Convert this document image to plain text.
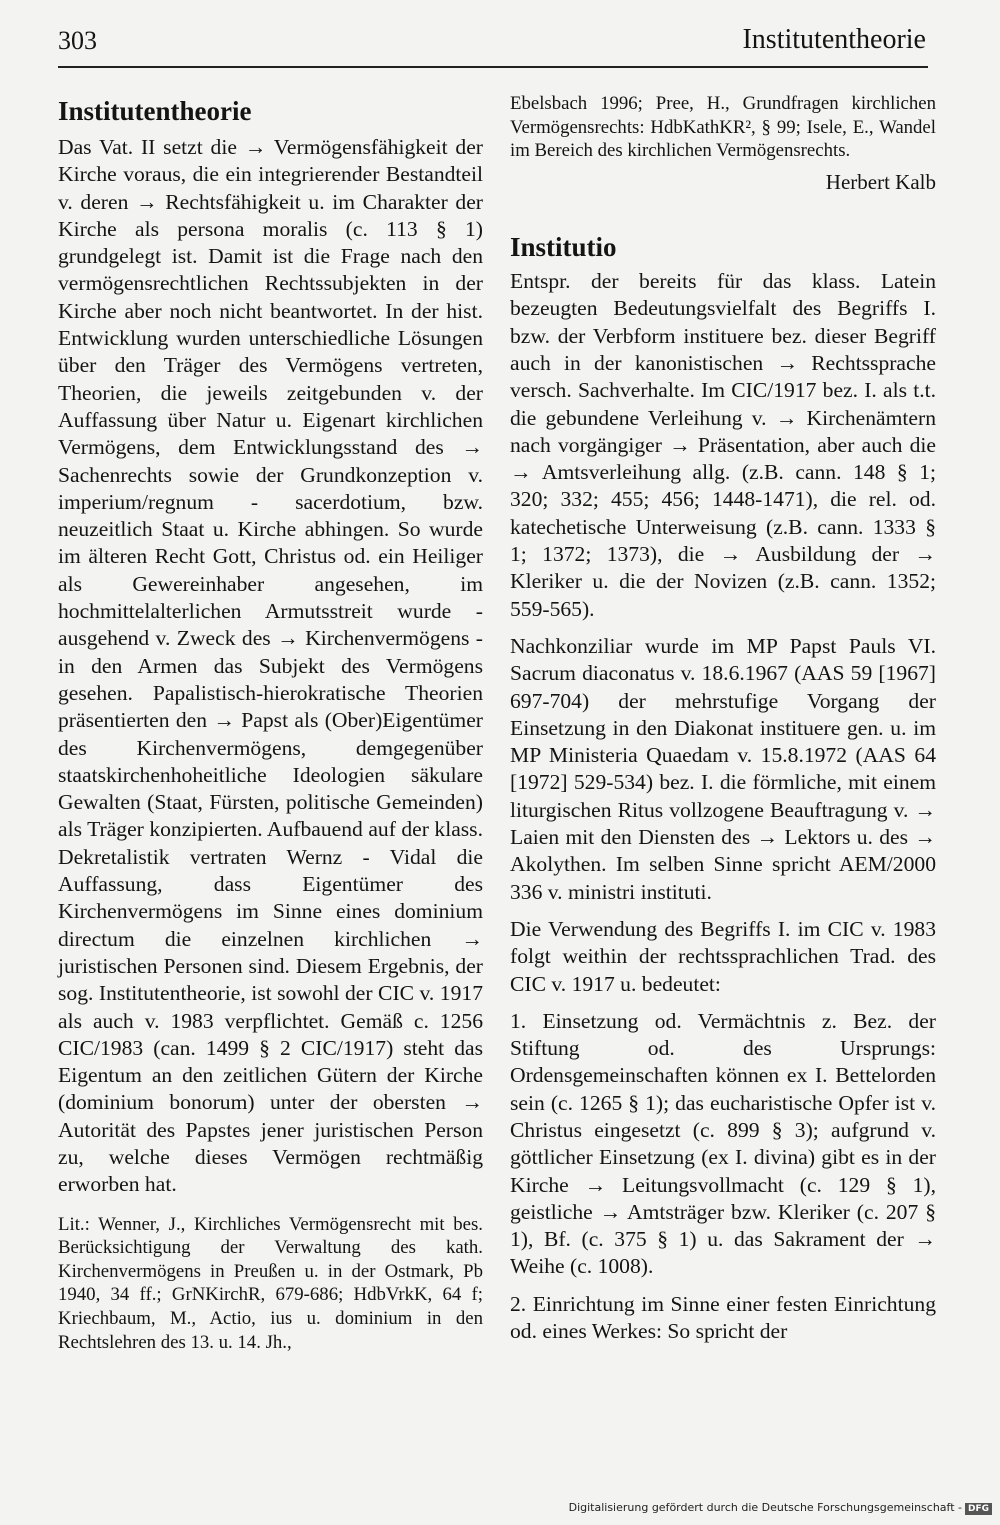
303	Institutentheorie
Institutentheorie

Das Vat. II setzt die → Vermögensfähigkeit der Kirche voraus, die ein integrierender Bestandteil v. deren → Rechtsfähigkeit u. im Charakter der Kirche als persona moralis (c. 113 § 1) grundgelegt ist. Damit ist die Frage nach den vermögensrechtlichen Rechtssubjekten in der Kirche aber noch nicht beantwortet. In der hist. Entwicklung wurden unterschiedliche Lösungen über den Träger des Vermögens vertreten, Theorien, die jeweils zeitgebunden v. der Auffassung über Natur u. Eigenart kirchlichen Vermögens, dem Entwicklungsstand des → Sachenrechts sowie der Grundkonzeption v. imperium/regnum - sacerdotium, bzw. neuzeitlich Staat u. Kirche abhingen. So wurde im älteren Recht Gott, Christus od. ein Heiliger als Gewereinhaber angesehen, im hochmittelalterlichen Armutsstreit wurde - ausgehend v. Zweck des → Kirchenvermögens - in den Armen das Subjekt des Vermögens gesehen. Papalistisch-hierokratische Theorien präsentierten den → Papst als (Ober)Eigentümer des Kirchenvermögens, demgegenüber staatskirchenhoheitliche Ideologien säkulare Gewalten (Staat, Fürsten, politische Gemeinden) als Träger konzipierten. Aufbauend auf der klass. Dekretalistik vertraten Wernz - Vidal die Auffassung, dass Eigentümer des Kirchenvermögens im Sinne eines dominium directum die einzelnen kirchlichen → juristischen Personen sind. Diesem Ergebnis, der sog. Institutentheorie, ist sowohl der CIC v. 1917 als auch v. 1983 verpflichtet. Gemäß c. 1256 CIC/1983 (can. 1499 § 2 CIC/1917) steht das Eigentum an den zeitlichen Gütern der Kirche (dominium bonorum) unter der obersten → Autorität des Papstes jener juristischen Person zu, welche dieses Vermögen rechtmäßig erworben hat.

Lit.: Wenner, J., Kirchliches Vermögensrecht mit bes. Berücksichtigung der Verwaltung des kath. Kirchenvermögens in Preußen u. in der Ostmark, Pb 1940, 34 ff.; GrNKirchR, 679-686; HdbVrkK, 64 f; Kriechbaum, M., Actio, ius u. dominium in den Rechtslehren des 13. u. 14. Jh.,

Ebelsbach 1996; Pree, H., Grundfragen kirchlichen Vermögensrechts: HdbKathKR², § 99; Isele, E., Wandel im Bereich des kirchlichen Vermögensrechts.

Herbert Kalb
Institutio

Entspr. der bereits für das klass. Latein bezeugten Bedeutungsvielfalt des Begriffs I. bzw. der Verbform instituere bez. dieser Begriff auch in der kanonistischen → Rechtssprache versch. Sachverhalte. Im CIC/1917 bez. I. als t.t. die gebundene Verleihung v. → Kirchenämtern nach vorgängiger → Präsentation, aber auch die → Amtsverleihung allg. (z.B. cann. 148 § 1; 320; 332; 455; 456; 1448-1471), die rel. od. katechetische Unterweisung (z.B. cann. 1333 § 1; 1372; 1373), die → Ausbildung der → Kleriker u. die der Novizen (z.B. cann. 1352; 559-565).

Nachkonziliar wurde im MP Papst Pauls VI. Sacrum diaconatus v. 18.6.1967 (AAS 59 [1967] 697-704) der mehrstufige Vorgang der Einsetzung in den Diakonat instituere gen. u. im MP Ministeria Quaedam v. 15.8.1972 (AAS 64 [1972] 529-534) bez. I. die förmliche, mit einem liturgischen Ritus vollzogene Beauftragung v. → Laien mit den Diensten des → Lektors u. des → Akolythen. Im selben Sinne spricht AEM/2000 336 v. ministri instituti.

Die Verwendung des Begriffs I. im CIC v. 1983 folgt weithin der rechtssprachlichen Trad. des CIC v. 1917 u. bedeutet:

1. Einsetzung od. Vermächtnis z. Bez. der Stiftung od. des Ursprungs: Ordensgemeinschaften können ex I. Bettelorden sein (c. 1265 § 1); das eucharistische Opfer ist v. Christus eingesetzt (c. 899 § 3); aufgrund v. göttlicher Einsetzung (ex I. divina) gibt es in der Kirche → Leitungsvollmacht (c. 129 § 1), geistliche → Amtsträger bzw. Kleriker (c. 207 § 1), Bf. (c. 375 § 1) u. das Sakrament der → Weihe (c. 1008).

2. Einrichtung im Sinne einer festen Einrichtung od. eines Werkes: So spricht der

Digitalisierung gefördert durch die Deutsche Forschungsgemeinschaft - DFG
